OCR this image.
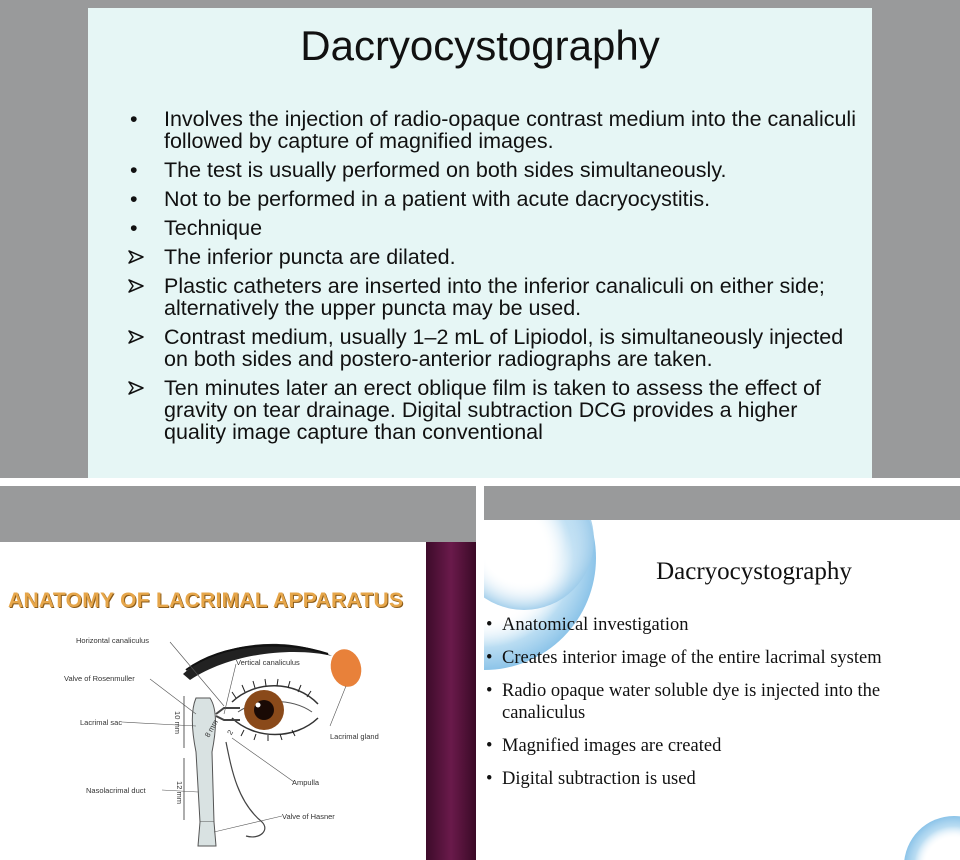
Dacryocystography
•	Involves the injection of radio-opaque contrast medium into the canaliculi followed by capture of magnified images.
•	The test is usually performed on both sides simultaneously.
•	Not to be performed in a patient with acute dacryocystitis.
•	Technique
The inferior puncta are dilated.
Plastic catheters are inserted into the inferior canaliculi on either side; alternatively the upper puncta may be used.
Contrast medium, usually 1–2 mL of Lipiodol, is simultaneously injected on both sides and postero-anterior radiographs are taken.
Ten minutes later an erect oblique film is taken to assess the effect of gravity on tear drainage. Digital subtraction DCG provides a higher quality image capture than conventional
ANATOMY OF LACRIMAL APPARATUS
Horizontal canaliculus
Vertical canaliculus
Valve of Rosenmuller
Lacrimal sac
Lacrimal gland
Nasolacrimal duct
Ampulla
Valve of Hasner
10 mm
12 mm
8 mm 2
Dacryocystography
• Anatomical investigation
• Creates interior image of the entire lacrimal system
• Radio opaque water soluble dye is injected into the canaliculus
• Magnified images are created
• Digital subtraction is used
